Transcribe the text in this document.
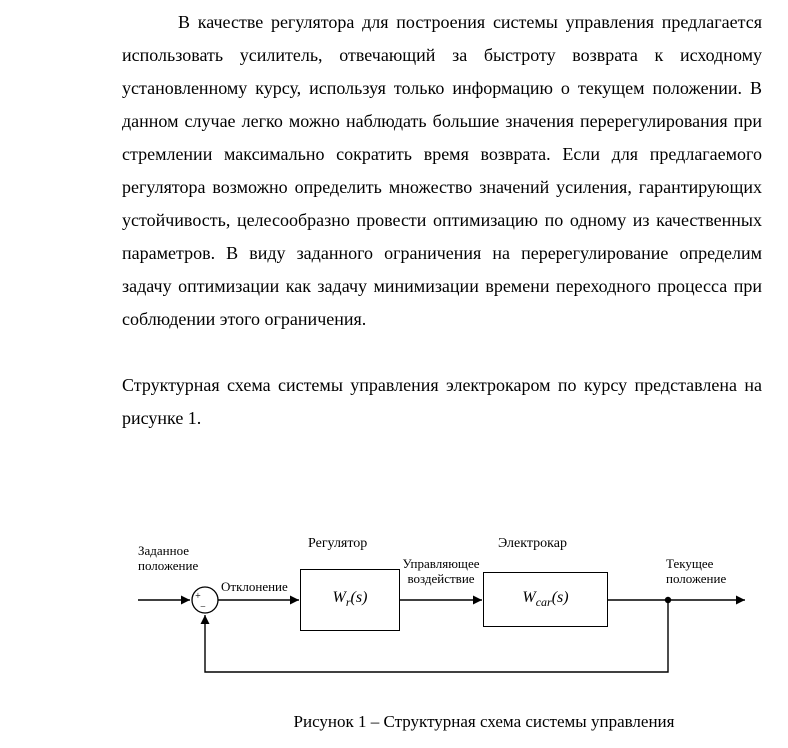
В качестве регулятора для построения системы управления предлагается использовать усилитель, отвечающий за быстроту возврата к исходному установленному курсу, используя только информацию о текущем положении. В данном случае легко можно наблюдать большие значения перерегулирования при стремлении максимально сократить время возврата. Если для предлагаемого регулятора возможно определить множество значений усиления, гарантирующих устойчивость, целесообразно провести оптимизацию по одному из качественных параметров. В виду заданного ограничения на перерегулирование определим задачу оптимизации как задачу минимизации времени переходного процесса при соблюдении этого ограничения.

Структурная схема системы управления электрокаром по курсу представлена на рисунке 1.

+
−
Заданное положение
Отклонение
Регулятор
Управляющее воздействие
Электрокар
Текущее положение
$W_r(s)$	$W_{car}(s)$
Рисунок 1 – Структурная схема системы управления
